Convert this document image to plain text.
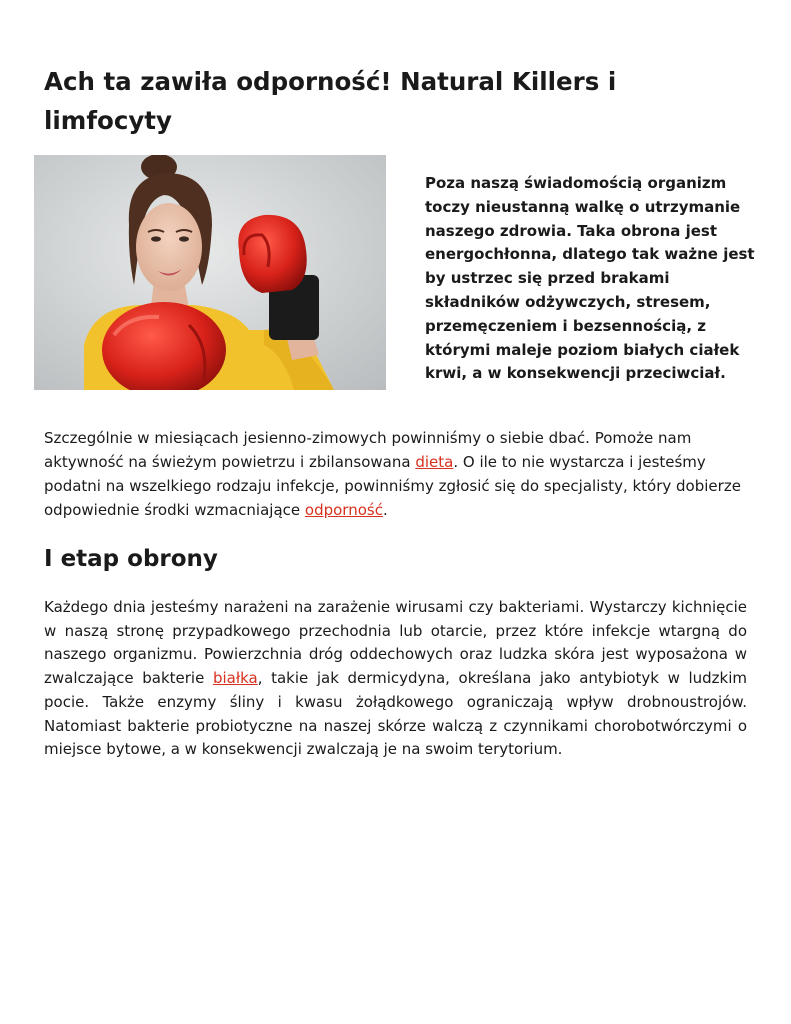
Ach ta zawiła odporność! Natural Killers i limfocyty

Poza naszą świadomością organizm toczy nieustanną walkę o utrzymanie naszego zdrowia. Taka obrona jest energochłonna, dlatego tak ważne jest by ustrzec się przed brakami składników odżywczych, stresem, przemęczeniem i bezsennością, z którymi maleje poziom białych ciałek krwi, a w konsekwencji przeciwciał.

Szczególnie w miesiącach jesienno-zimowych powinniśmy o siebie dbać. Pomoże nam aktywność na świeżym powietrzu i zbilansowana dieta. O ile to nie wystarcza i jesteśmy podatni na wszelkiego rodzaju infekcje, powinniśmy zgłosić się do specjalisty, który dobierze odpowiednie środki wzmacniające odporność.

I etap obrony

Każdego dnia jesteśmy narażeni na zarażenie wirusami czy bakteriami. Wystarczy kichnięcie w naszą stronę przypadkowego przechodnia lub otarcie, przez które infekcje wtargną do naszego organizmu. Powierzchnia dróg oddechowych oraz ludzka skóra jest wyposażona w zwalczające bakterie białka, takie jak dermicydyna, określana jako antybiotyk w ludzkim pocie. Także enzymy śliny i kwasu żołądkowego ograniczają wpływ drobnoustrojów. Natomiast bakterie probiotyczne na naszej skórze walczą z czynnikami chorobotwórczymi o miejsce bytowe, a w konsekwencji zwalczają je na swoim terytorium.
